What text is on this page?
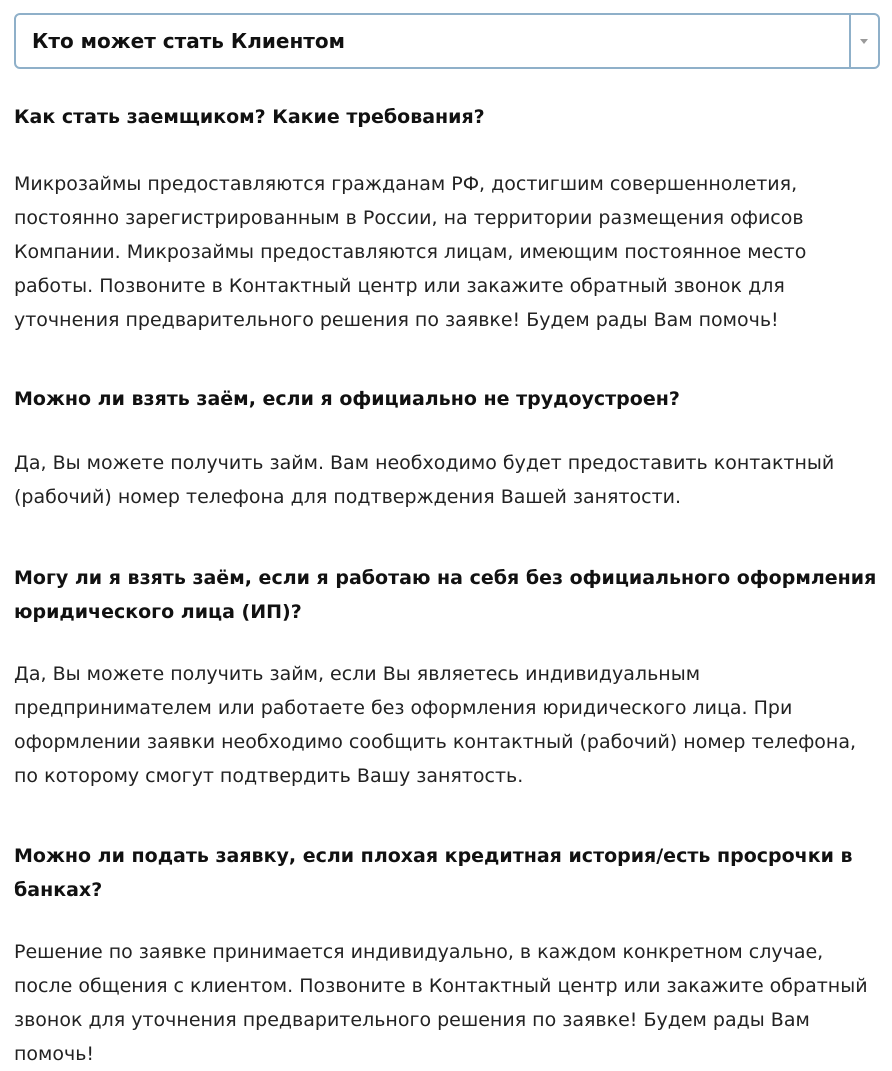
Кто может стать Клиентом

Как стать заемщиком? Какие требования?

Микрозаймы предоставляются гражданам РФ, достигшим совершеннолетия, постоянно зарегистрированным в России, на территории размещения офисов Компании. Микрозаймы предоставляются лицам, имеющим постоянное место работы. Позвоните в Контактный центр или закажите обратный звонок для уточнения предварительного решения по заявке! Будем рады Вам помочь!

Можно ли взять заём, если я официально не трудоустроен?

Да, Вы можете получить займ. Вам необходимо будет предоставить контактный (рабочий) номер телефона для подтверждения Вашей занятости.

Могу ли я взять заём, если я работаю на себя без официального оформления юридического лица (ИП)?

Да, Вы можете получить займ, если Вы являетесь индивидуальным предпринимателем или работаете без оформления юридического лица. При оформлении заявки необходимо сообщить контактный (рабочий) номер телефона, по которому смогут подтвердить Вашу занятость.

Можно ли подать заявку, если плохая кредитная история/есть просрочки в банках?

Решение по заявке принимается индивидуально, в каждом конкретном случае, после общения с клиентом. Позвоните в Контактный центр или закажите обратный звонок для уточнения предварительного решения по заявке! Будем рады Вам помочь!
